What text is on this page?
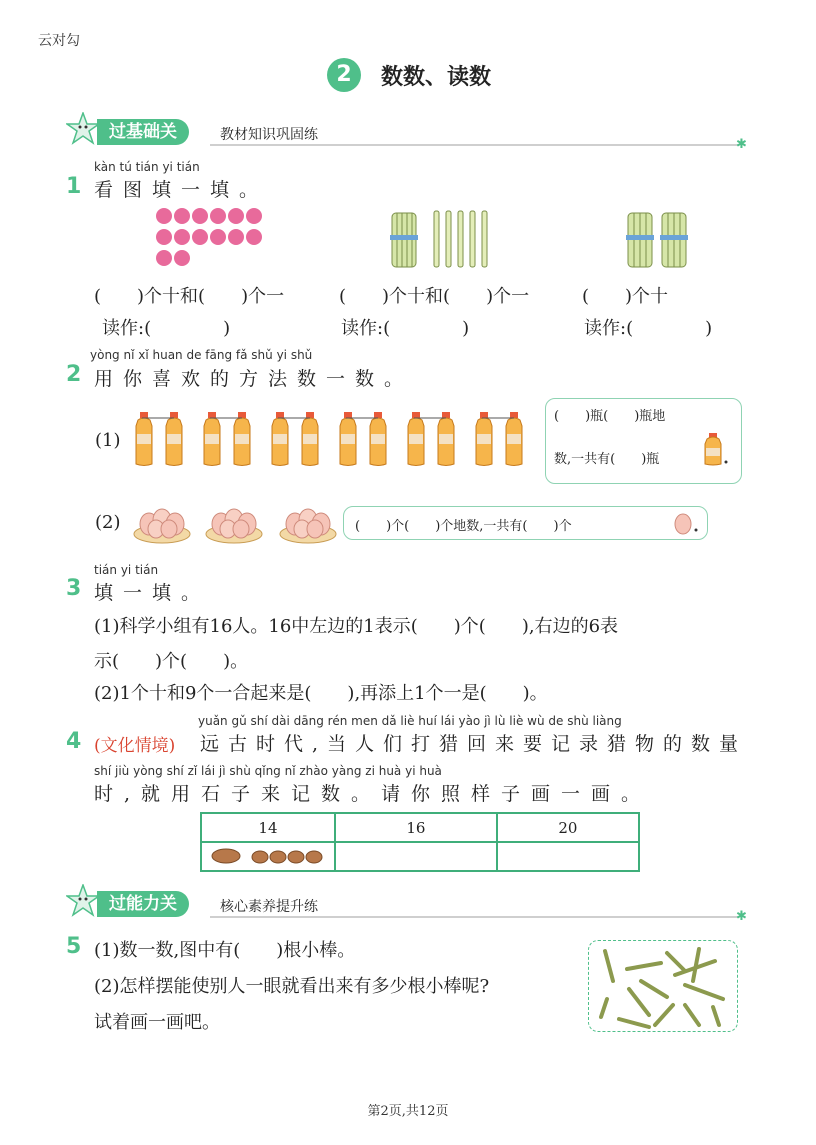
云对勾
2	数数、读数
过基础关	教材知识巩固练
✱
kàn tú tián yi tián
1 看图填一填。
(　　)个十和(　　)个一	(　　)个十和(　　)个一	(　　)个十
读作:(　　　　)	读作:(　　　　)	读作:(　　　　)
yòng nǐ xǐ huan de fāng fǎ shǔ yi shǔ
2 用你喜欢的方法数一数。
(1)
(　　)瓶(　　)瓶地
数,一共有(　　)瓶
(2)	(　　)个(　　)个地数,一共有(　　)个
tián yi tián
3 填一填。
(1)科学小组有16人。16中左边的1表示(　　)个(　　),右边的6表
示(　　)个(　　)。
(2)1个十和9个一合起来是(　　),再添上1个一是(　　)。
yuǎn gǔ shí dài dāng rén men dǎ liè huí lái yào jì lù liè wù de shù liàng
4 (文化情境) 远古时代,当人们打猎回来要记录猎物的数量
shí jiù yòng shí zǐ lái jì shù qǐng nǐ zhào yàng zi huà yi huà
时,就用石子来记数。请你照样子画一画。
14	16	20

过能力关	核心素养提升练
✱
5 (1)数一数,图中有(　　)根小棒。
(2)怎样摆能使别人一眼就看出来有多少根小棒呢?
试着画一画吧。
第2页,共12页
